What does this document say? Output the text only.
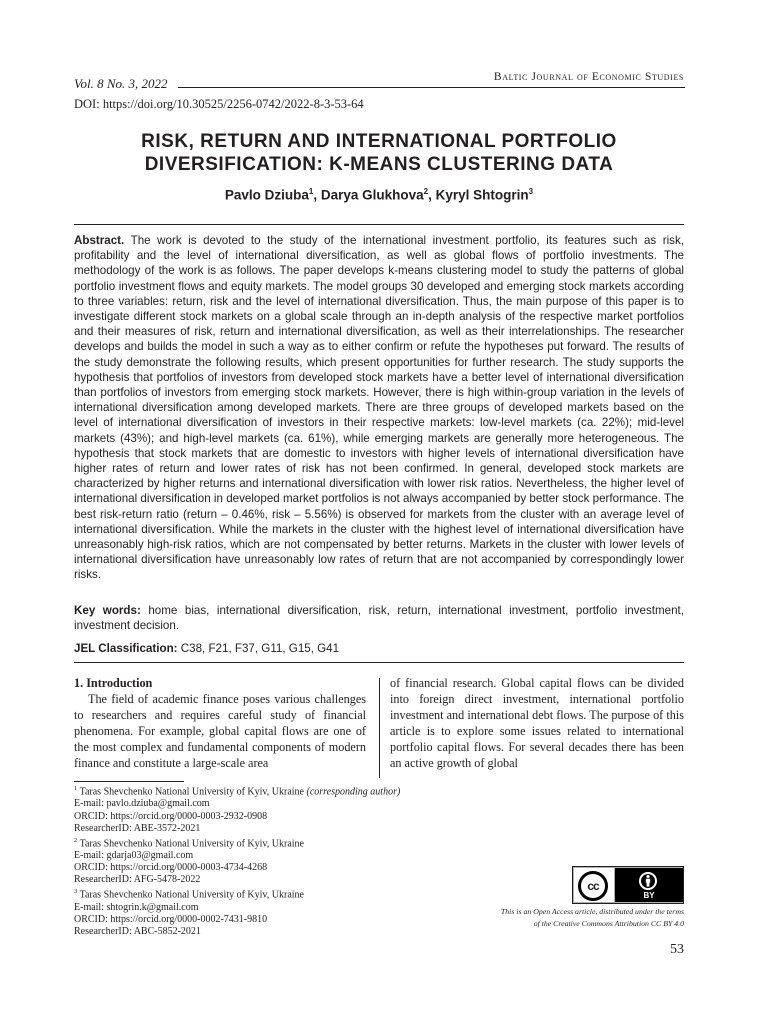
Vol. 8 No. 3, 2022	Baltic Journal of Economic Studies
DOI: https://doi.org/10.30525/2256-0742/2022-8-3-53-64
RISK, RETURN AND INTERNATIONAL PORTFOLIO
DIVERSIFICATION: K-MEANS CLUSTERING DATA
Pavlo Dziuba$^1$, Darya Glukhova$^2$, Kyryl Shtogrin$^3$
Abstract. The work is devoted to the study of the international investment portfolio, its features such as risk, profitability and the level of international diversification, as well as global flows of portfolio investments. The methodology of the work is as follows. The paper develops k-means clustering model to study the patterns of global portfolio investment flows and equity markets. The model groups 30 developed and emerging stock markets according to three variables: return, risk and the level of international diversification. Thus, the main purpose of this paper is to investigate different stock markets on a global scale through an in-depth analysis of the respective market portfolios and their measures of risk, return and international diversification, as well as their interrelationships. The researcher develops and builds the model in such a way as to either confirm or refute the hypotheses put forward. The results of the study demonstrate the following results, which present opportunities for further research. The study supports the hypothesis that portfolios of investors from developed stock markets have a better level of international diversification than portfolios of investors from emerging stock markets. However, there is high within-group variation in the levels of international diversification among developed markets. There are three groups of developed markets based on the level of international diversification of investors in their respective markets: low-level markets (ca. 22%); mid-level markets (43%); and high-level markets (ca. 61%), while emerging markets are generally more heterogeneous. The hypothesis that stock markets that are domestic to investors with higher levels of international diversification have higher rates of return and lower rates of risk has not been confirmed. In general, developed stock markets are characterized by higher returns and international diversification with lower risk ratios. Nevertheless, the higher level of international diversification in developed market portfolios is not always accompanied by better stock performance. The best risk-return ratio (return – 0.46%, risk – 5.56%) is observed for markets from the cluster with an average level of international diversification. While the markets in the cluster with the highest level of international diversification have unreasonably high-risk ratios, which are not compensated by better returns. Markets in the cluster with lower levels of international diversification have unreasonably low rates of return that are not accompanied by correspondingly lower risks.
Key words: home bias, international diversification, risk, return, international investment, portfolio investment, investment decision.
JEL Classification: C38, F21, F37, G11, G15, G41
1. Introduction

The field of academic finance poses various challenges to researchers and requires careful study of financial phenomena. For example, global capital flows are one of the most complex and fundamental components of modern finance and constitute a large-scale area

of financial research. Global capital flows can be divided into foreign direct investment, international portfolio investment and international debt flows. The purpose of this article is to explore some issues related to international portfolio capital flows. For several decades there has been an active growth of global

$^1$ Taras Shevchenko National University of Kyiv, Ukraine (corresponding author)
E-mail: pavlo.dziuba@gmail.com
ORCID: https://orcid.org/0000-0003-2932-0908
ResearcherID: ABE-3572-2021
$^2$ Taras Shevchenko National University of Kyiv, Ukraine
E-mail: gdarja03@gmail.com
ORCID: https://orcid.org/0000-0003-4734-4268
ResearcherID: AFG-5478-2022
$^3$ Taras Shevchenko National University of Kyiv, Ukraine
E-mail: shtogrin.k@gmail.com
ORCID: https://orcid.org/0000-0002-7431-9810
ResearcherID: ABC-5852-2021
cc
BY
This is an Open Access article, distributed under the terms
of the Creative Commons Attribution CC BY 4.0
53
